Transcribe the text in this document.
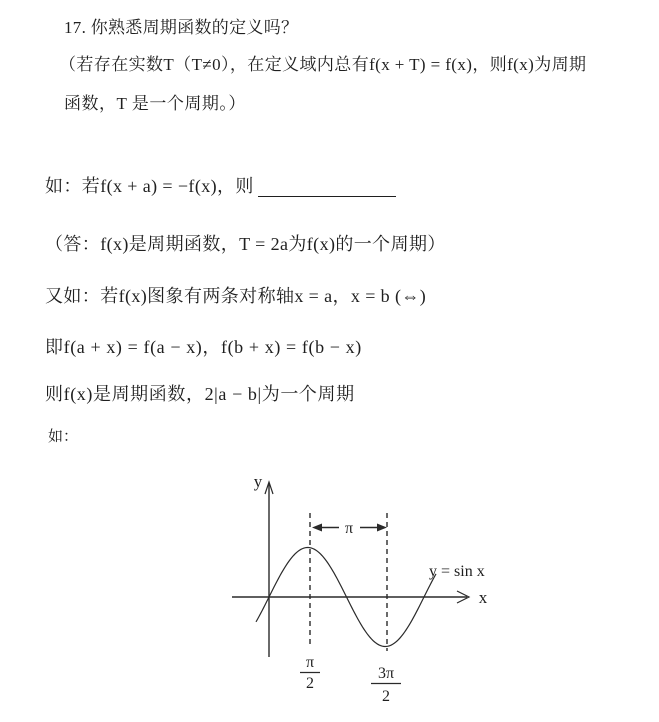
17. 你熟悉周期函数的定义吗？
（若存在实数T（T≠0），在定义域内总有f(x + T) = f(x)，则f(x)为周期
函数，T 是一个周期。）
如：若f(x + a) = −f(x)，则
（答：f(x)是周期函数，T = 2a为f(x)的一个周期）
又如：若f(x)图象有两条对称轴x = a，x = b (⇔)
即f(a + x) = f(a − x)，f(b + x) = f(b − x)
则f(x)是周期函数，2|a − b|为一个周期
如：
π
y
x
y = sin x
π
2
3π
2
